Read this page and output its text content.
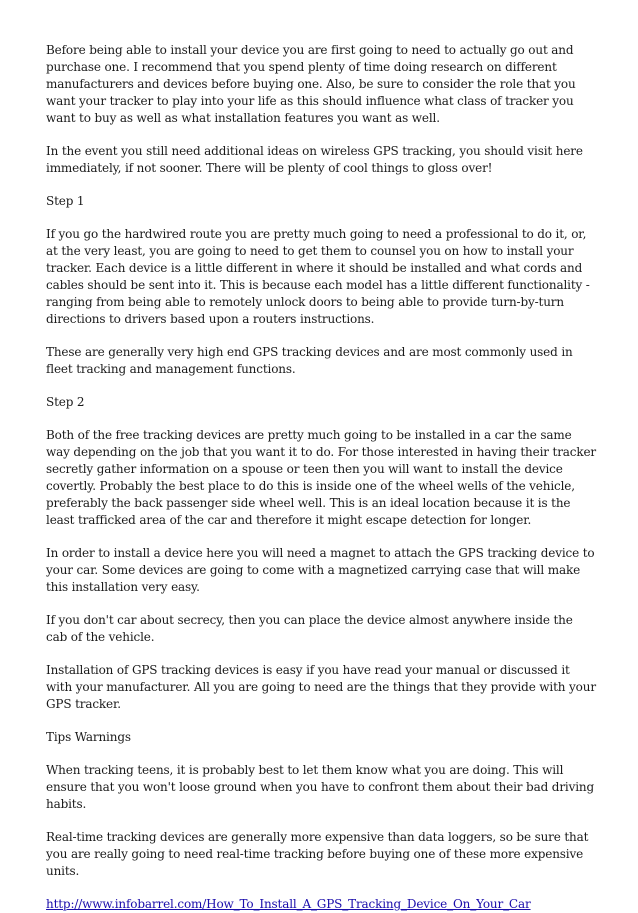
Before being able to install your device you are first going to need to actually go out and purchase one. I recommend that you spend plenty of time doing research on different manufacturers and devices before buying one. Also, be sure to consider the role that you want your tracker to play into your life as this should influence what class of tracker you want to buy as well as what installation features you want as well.

In the event you still need additional ideas on wireless GPS tracking, you should visit here immediately, if not sooner. There will be plenty of cool things to gloss over!

Step 1

If you go the hardwired route you are pretty much going to need a professional to do it, or, at the very least, you are going to need to get them to counsel you on how to install your tracker. Each device is a little different in where it should be installed and what cords and cables should be sent into it. This is because each model has a little different functionality - ranging from being able to remotely unlock doors to being able to provide turn-by-turn directions to drivers based upon a routers instructions.

These are generally very high end GPS tracking devices and are most commonly used in fleet tracking and management functions.

Step 2

Both of the free tracking devices are pretty much going to be installed in a car the same way depending on the job that you want it to do. For those interested in having their tracker secretly gather information on a spouse or teen then you will want to install the device covertly. Probably the best place to do this is inside one of the wheel wells of the vehicle, preferably the back passenger side wheel well. This is an ideal location because it is the least trafficked area of the car and therefore it might escape detection for longer.

In order to install a device here you will need a magnet to attach the GPS tracking device to your car. Some devices are going to come with a magnetized carrying case that will make this installation very easy.

If you don't car about secrecy, then you can place the device almost anywhere inside the cab of the vehicle.

Installation of GPS tracking devices is easy if you have read your manual or discussed it with your manufacturer. All you are going to need are the things that they provide with your GPS tracker.

Tips Warnings

When tracking teens, it is probably best to let them know what you are doing. This will ensure that you won't loose ground when you have to confront them about their bad driving habits.

Real-time tracking devices are generally more expensive than data loggers, so be sure that you are really going to need real-time tracking before buying one of these more expensive units.

http://www.infobarrel.com/How_To_Install_A_GPS_Tracking_Device_On_Your_Car
